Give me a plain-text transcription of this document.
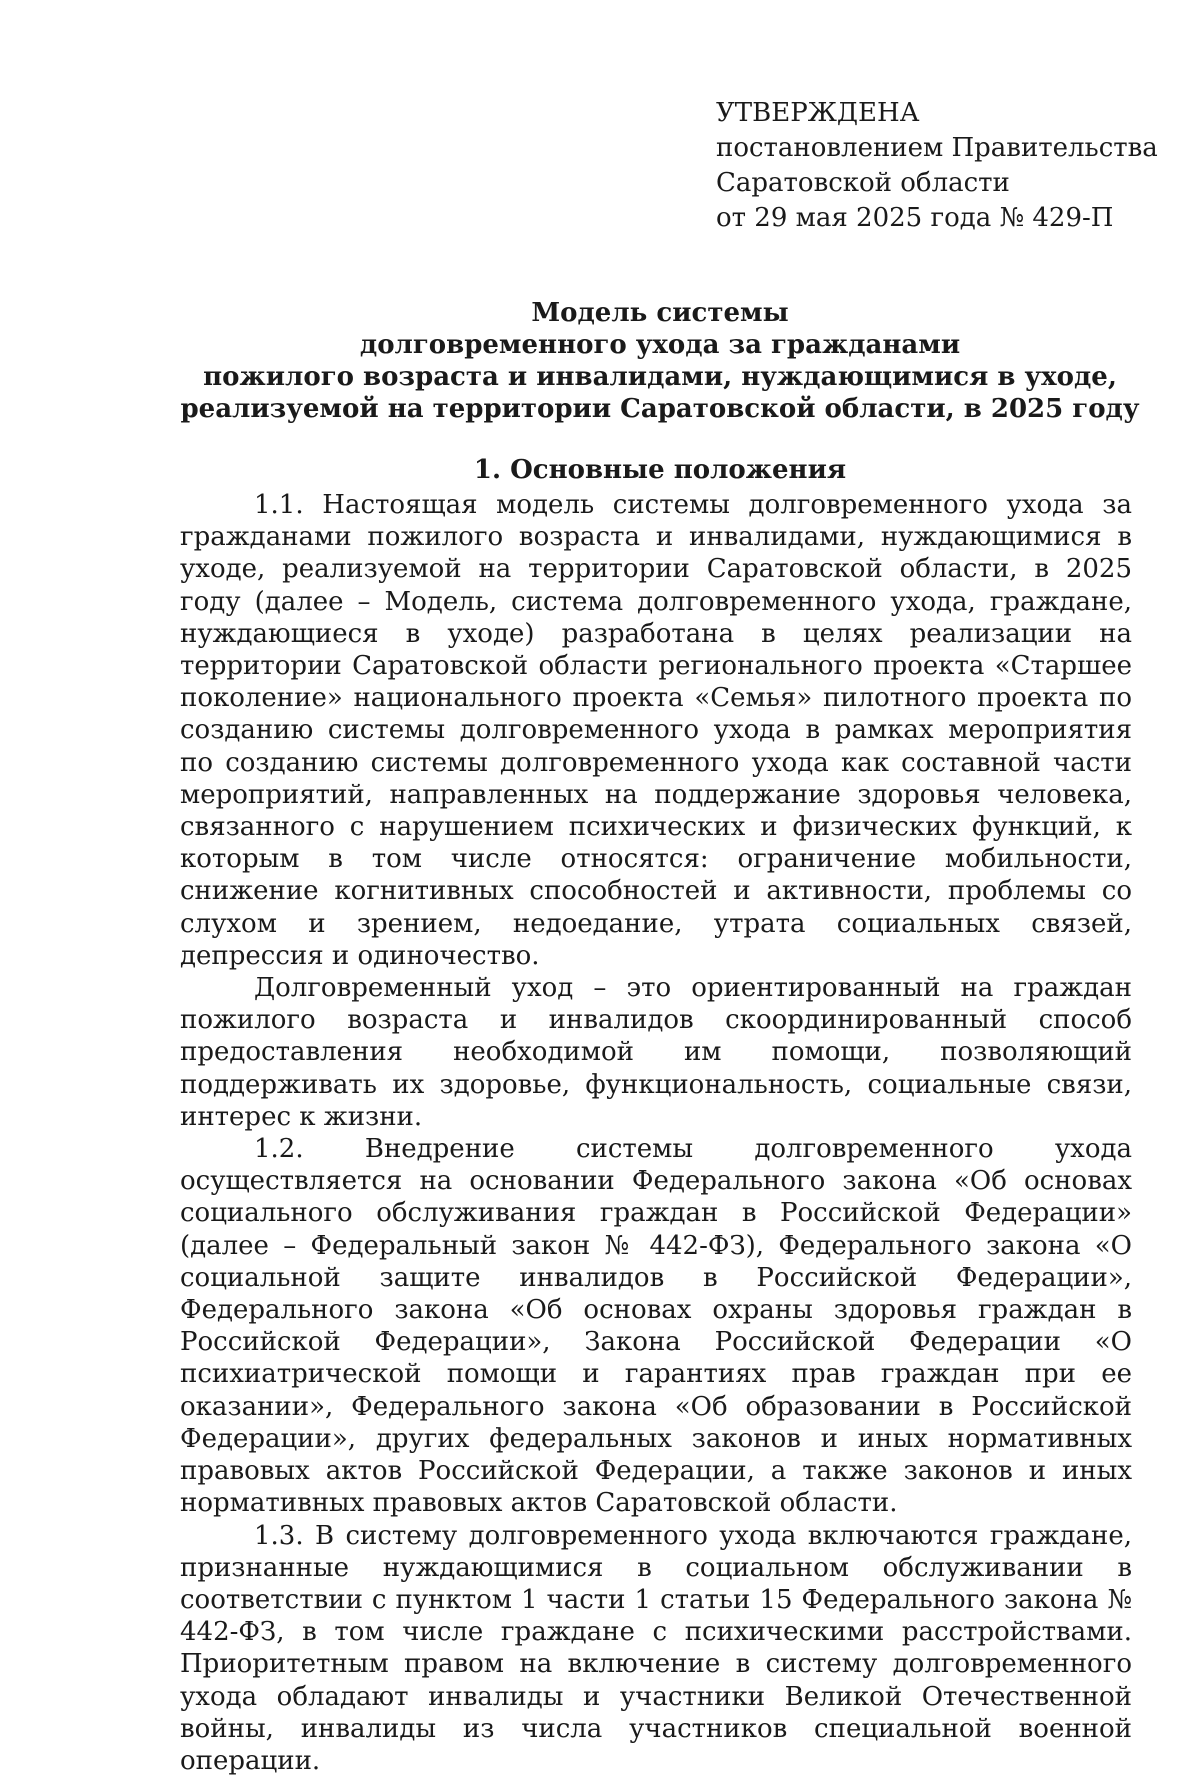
УТВЕРЖДЕНА
постановлением Правительства
Саратовской области
от 29 мая 2025 года № 429-П
Модель системы
долговременного ухода за гражданами
пожилого возраста и инвалидами, нуждающимися в уходе,
реализуемой на территории Саратовской области, в 2025 году
1. Основные положения

1.1. Настоящая модель системы долговременного ухода за гражданами пожилого возраста и инвалидами, нуждающимися в уходе, реализуемой на территории Саратовской области, в 2025 году (далее – Модель, система долговременного ухода, граждане, нуждающиеся в уходе) разработана в целях реализации на территории Саратовской области регионального проекта «Старшее поколение» национального проекта «Семья» пилотного проекта по созданию системы долговременного ухода в рамках мероприятия по созданию системы долговременного ухода как составной части мероприятий, направленных на поддержание здоровья человека, связанного с нарушением психических и физических функций, к которым в том числе относятся: ограничение мобильности, снижение когнитивных способностей и активности, проблемы со слухом и зрением, недоедание, утрата социальных связей, депрессия и одиночество.

Долговременный уход – это ориентированный на граждан пожилого возраста и инвалидов скоординированный способ предоставления необходимой им помощи, позволяющий поддерживать их здоровье, функциональность, социальные связи, интерес к жизни.

1.2. Внедрение системы долговременного ухода осуществляется на основании Федерального закона «Об основах социального обслуживания граждан в Российской Федерации» (далее – Федеральный закон № 442-ФЗ), Федерального закона «О социальной защите инвалидов в Российской Федерации», Федерального закона «Об основах охраны здоровья граждан в Российской Федерации», Закона Российской Федерации «О психиатрической помощи и гарантиях прав граждан при ее оказании», Федерального закона «Об образовании в Российской Федерации», других федеральных законов и иных нормативных правовых актов Российской Федерации, а также законов и иных нормативных правовых актов Саратовской области.

1.3. В систему долговременного ухода включаются граждане, признанные нуждающимися в социальном обслуживании в соответствии с пунктом 1 части 1 статьи 15 Федерального закона № 442-ФЗ, в том числе граждане с психическими расстройствами. Приоритетным правом на включение в систему долговременного ухода обладают инвалиды и участники Великой Отечественной войны, инвалиды из числа участников специальной военной операции.
